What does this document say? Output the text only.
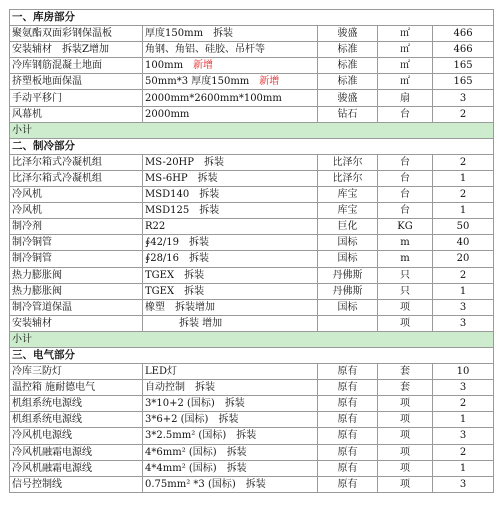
一、库房部分				
聚氨酯双面彩钢保温板	厚度150mm 拆装	骏盛	㎡	466
安装辅材 拆装Z增加	角钢、角铝、硅胶、吊杆等	标准	㎡	466
冷库钢筋混凝土地面	100mm 新增	标准	㎡	165
挤塑板地面保温	50mm*3 厚度150mm 新增	标准	㎡	165
手动平移门	2000mm*2600mm*100mm	骏盛	扇	3
风幕机	2000mm	钻石	台	2
小计				
二、制冷部分				
比泽尔箱式冷凝机组	MS-20HP 拆装	比泽尔	台	2
比泽尔箱式冷凝机组	MS-6HP 拆装	比泽尔	台	1
冷风机	MSD140 拆装	库宝	台	2
冷风机	MSD125 拆装	库宝	台	1
制冷剂	R22	巨化	KG	50
制冷铜管	∮42/19 拆装	国标	m	40
制冷铜管	∮28/16 拆装	国标	m	20
热力膨胀阀	TGEX 拆装	丹佛斯	只	2
热力膨胀阀	TGEX 拆装	丹佛斯	只	1
制冷管道保温	橡塑 拆装增加	国标	项	3
安装辅材	拆装 增加		项	3
小计				
三、电气部分				
冷库三防灯	LED灯	原有	套	10
温控箱 施耐德电气	自动控制 拆装	原有	套	3
机组系统电源线	3*10+2 (国标) 拆装	原有	项	2
机组系统电源线	3*6+2 (国标) 拆装	原有	项	1
冷风机电源线	3*2.5mm² (国标) 拆装	原有	项	3
冷风机融霜电源线	4*6mm² (国标) 拆装	原有	项	2
冷风机融霜电源线	4*4mm² (国标) 拆装	原有	项	1
信号控制线	0.75mm² *3 (国标) 拆装	原有	项	3
